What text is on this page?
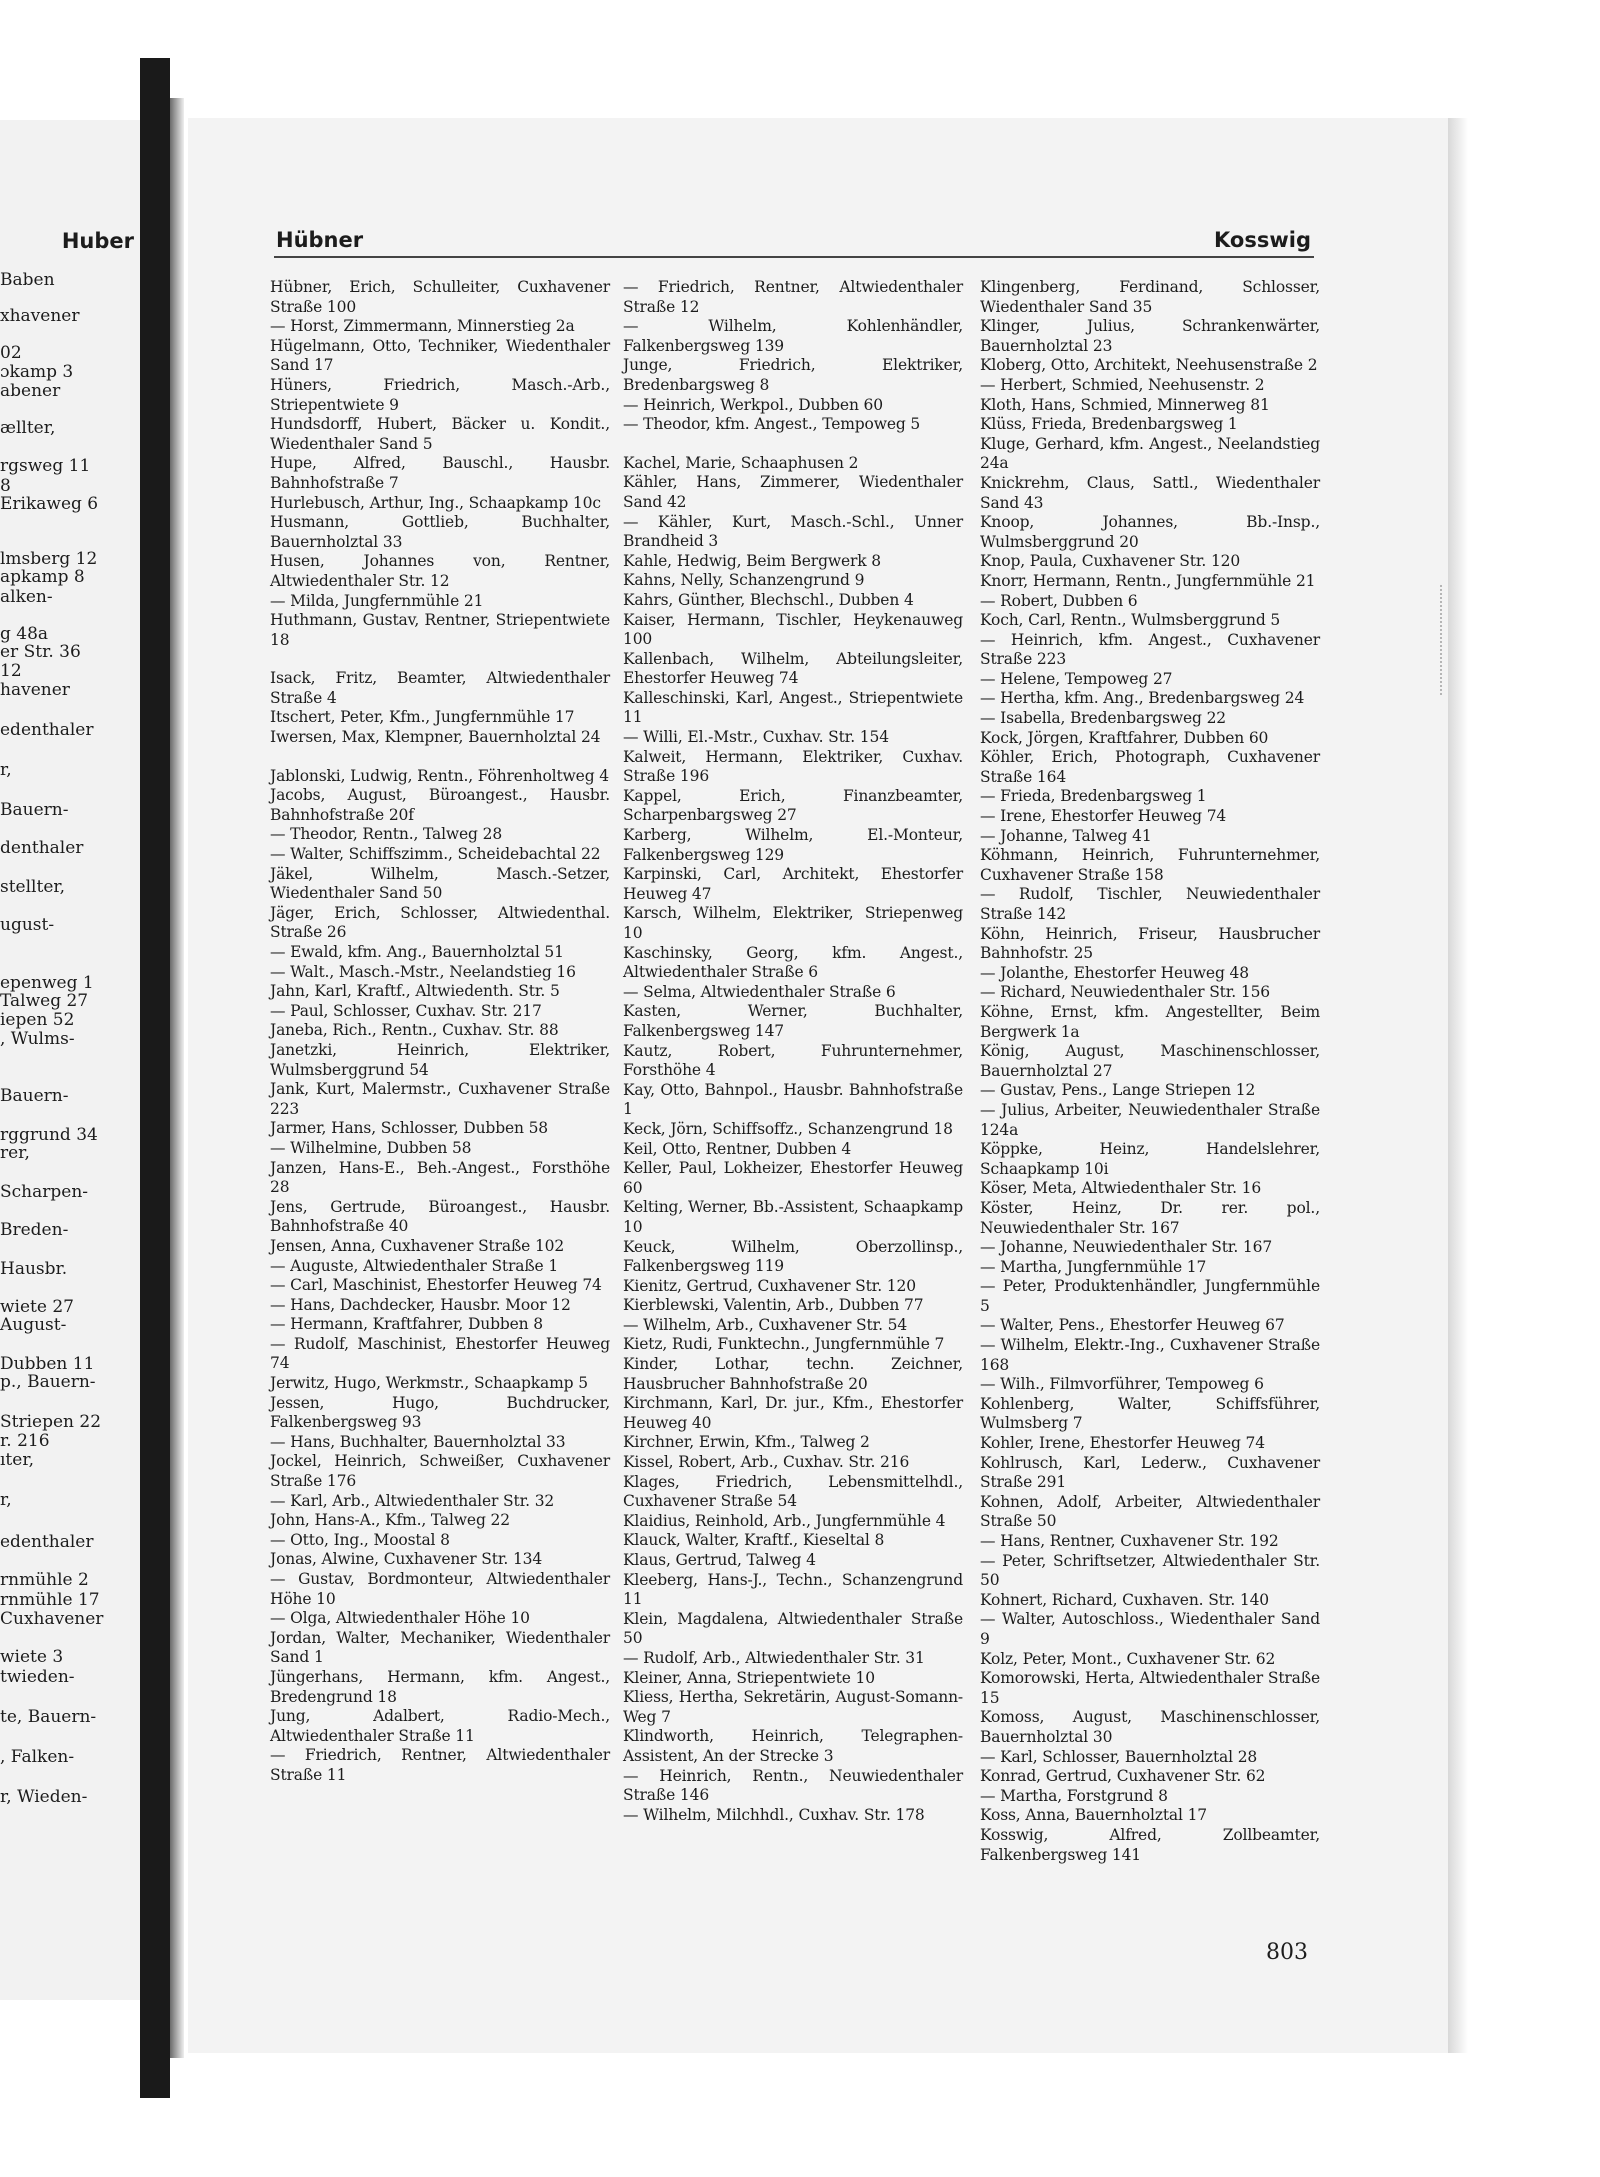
Huber
Baben
xhavener
02
ɔkamp 3
abener
ællter,
rgsweg 11
8
Erikaweg 6
lmsberg 12
apkamp 8
alken-
g 48a
er Str. 36
12
havener
edenthaler
r,
Bauern-
denthaler
stellter,
ugust-
epenweg 1
Talweg 27
iepen 52
, Wulms-
Bauern-
rggrund 34
rer,
Scharpen-
Breden-
Hausbr.
wiete 27
August-
Dubben 11
p., Bauern-
Striepen 22
r. 216
ıter,
r,
edenthaler
rnmühle 2
rnmühle 17
Cuxhavener
wiete 3
twieden-
te, Bauern-
, Falken-
r, Wieden-
Hübner	Kosswig
Hübner, Erich, Schulleiter, Cuxhavener Straße 100
— Horst, Zimmermann, Minnerstieg 2a
Hügelmann, Otto, Techniker, Wiedenthaler Sand 17
Hüners, Friedrich, Masch.-Arb., Striepentwiete 9
Hundsdorff, Hubert, Bäcker u. Kondit., Wiedenthaler Sand 5
Hupe, Alfred, Bauschl., Hausbr. Bahnhofstraße 7
Hurlebusch, Arthur, Ing., Schaapkamp 10c
Husmann, Gottlieb, Buchhalter, Bauernholztal 33
Husen, Johannes von, Rentner, Altwiedenthaler Str. 12
— Milda, Jungfernmühle 21
Huthmann, Gustav, Rentner, Striepentwiete 18
Isack, Fritz, Beamter, Altwiedenthaler Straße 4
Itschert, Peter, Kfm., Jungfernmühle 17
Iwersen, Max, Klempner, Bauernholztal 24
Jablonski, Ludwig, Rentn., Föhrenholtweg 4
Jacobs, August, Büroangest., Hausbr. Bahnhofstraße 20f
— Theodor, Rentn., Talweg 28
— Walter, Schiffszimm., Scheidebachtal 22
Jäkel, Wilhelm, Masch.-Setzer, Wiedenthaler Sand 50
Jäger, Erich, Schlosser, Altwiedenthal. Straße 26
— Ewald, kfm. Ang., Bauernholztal 51
— Walt., Masch.-Mstr., Neelandstieg 16
Jahn, Karl, Kraftf., Altwiedenth. Str. 5
— Paul, Schlosser, Cuxhav. Str. 217
Janeba, Rich., Rentn., Cuxhav. Str. 88
Janetzki, Heinrich, Elektriker, Wulmsberggrund 54
Jank, Kurt, Malermstr., Cuxhavener Straße 223
Jarmer, Hans, Schlosser, Dubben 58
— Wilhelmine, Dubben 58
Janzen, Hans-E., Beh.-Angest., Forsthöhe 28
Jens, Gertrude, Büroangest., Hausbr. Bahnhofstraße 40
Jensen, Anna, Cuxhavener Straße 102
— Auguste, Altwiedenthaler Straße 1
— Carl, Maschinist, Ehestorfer Heuweg 74
— Hans, Dachdecker, Hausbr. Moor 12
— Hermann, Kraftfahrer, Dubben 8
— Rudolf, Maschinist, Ehestorfer Heuweg 74
Jerwitz, Hugo, Werkmstr., Schaapkamp 5
Jessen, Hugo, Buchdrucker, Falkenbergsweg 93
— Hans, Buchhalter, Bauernholztal 33
Jockel, Heinrich, Schweißer, Cuxhavener Straße 176
— Karl, Arb., Altwiedenthaler Str. 32
John, Hans-A., Kfm., Talweg 22
— Otto, Ing., Moostal 8
Jonas, Alwine, Cuxhavener Str. 134
— Gustav, Bordmonteur, Altwiedenthaler Höhe 10
— Olga, Altwiedenthaler Höhe 10
Jordan, Walter, Mechaniker, Wiedenthaler Sand 1
Jüngerhans, Hermann, kfm. Angest., Bredengrund 18
Jung, Adalbert, Radio-Mech., Altwiedenthaler Straße 11
— Friedrich, Rentner, Altwiedenthaler Straße 11
— Friedrich, Rentner, Altwiedenthaler Straße 12
— Wilhelm, Kohlenhändler, Falkenbergsweg 139
Junge, Friedrich, Elektriker, Bredenbargsweg 8
— Heinrich, Werkpol., Dubben 60
— Theodor, kfm. Angest., Tempoweg 5
Kachel, Marie, Schaaphusen 2
Kähler, Hans, Zimmerer, Wiedenthaler Sand 42
— Kähler, Kurt, Masch.-Schl., Unner Brandheid 3
Kahle, Hedwig, Beim Bergwerk 8
Kahns, Nelly, Schanzengrund 9
Kahrs, Günther, Blechschl., Dubben 4
Kaiser, Hermann, Tischler, Heykenauweg 100
Kallenbach, Wilhelm, Abteilungsleiter, Ehestorfer Heuweg 74
Kalleschinski, Karl, Angest., Striepentwiete 11
— Willi, El.-Mstr., Cuxhav. Str. 154
Kalweit, Hermann, Elektriker, Cuxhav. Straße 196
Kappel, Erich, Finanzbeamter, Scharpenbargsweg 27
Karberg, Wilhelm, El.-Monteur, Falkenbergsweg 129
Karpinski, Carl, Architekt, Ehestorfer Heuweg 47
Karsch, Wilhelm, Elektriker, Striepenweg 10
Kaschinsky, Georg, kfm. Angest., Altwiedenthaler Straße 6
— Selma, Altwiedenthaler Straße 6
Kasten, Werner, Buchhalter, Falkenbergsweg 147
Kautz, Robert, Fuhrunternehmer, Forsthöhe 4
Kay, Otto, Bahnpol., Hausbr. Bahnhofstraße 1
Keck, Jörn, Schiffsoffz., Schanzengrund 18
Keil, Otto, Rentner, Dubben 4
Keller, Paul, Lokheizer, Ehestorfer Heuweg 60
Kelting, Werner, Bb.-Assistent, Schaapkamp 10
Keuck, Wilhelm, Oberzollinsp., Falkenbergsweg 119
Kienitz, Gertrud, Cuxhavener Str. 120
Kierblewski, Valentin, Arb., Dubben 77
— Wilhelm, Arb., Cuxhavener Str. 54
Kietz, Rudi, Funktechn., Jungfernmühle 7
Kinder, Lothar, techn. Zeichner, Hausbrucher Bahnhofstraße 20
Kirchmann, Karl, Dr. jur., Kfm., Ehestorfer Heuweg 40
Kirchner, Erwin, Kfm., Talweg 2
Kissel, Robert, Arb., Cuxhav. Str. 216
Klages, Friedrich, Lebensmittelhdl., Cuxhavener Straße 54
Klaidius, Reinhold, Arb., Jungfernmühle 4
Klauck, Walter, Kraftf., Kieseltal 8
Klaus, Gertrud, Talweg 4
Kleeberg, Hans-J., Techn., Schanzengrund 11
Klein, Magdalena, Altwiedenthaler Straße 50
— Rudolf, Arb., Altwiedenthaler Str. 31
Kleiner, Anna, Striepentwiete 10
Kliess, Hertha, Sekretärin, August-Somann-Weg 7
Klindworth, Heinrich, Telegraphen-Assistent, An der Strecke 3
— Heinrich, Rentn., Neuwiedenthaler Straße 146
— Wilhelm, Milchhdl., Cuxhav. Str. 178
Klingenberg, Ferdinand, Schlosser, Wiedenthaler Sand 35
Klinger, Julius, Schrankenwärter, Bauernholztal 23
Kloberg, Otto, Architekt, Neehusenstraße 2
— Herbert, Schmied, Neehusenstr. 2
Kloth, Hans, Schmied, Minnerweg 81
Klüss, Frieda, Bredenbargsweg 1
Kluge, Gerhard, kfm. Angest., Neelandstieg 24a
Knickrehm, Claus, Sattl., Wiedenthaler Sand 43
Knoop, Johannes, Bb.-Insp., Wulmsberggrund 20
Knop, Paula, Cuxhavener Str. 120
Knorr, Hermann, Rentn., Jungfernmühle 21
— Robert, Dubben 6
Koch, Carl, Rentn., Wulmsberggrund 5
— Heinrich, kfm. Angest., Cuxhavener Straße 223
— Helene, Tempoweg 27
— Hertha, kfm. Ang., Bredenbargsweg 24
— Isabella, Bredenbargsweg 22
Kock, Jörgen, Kraftfahrer, Dubben 60
Köhler, Erich, Photograph, Cuxhavener Straße 164
— Frieda, Bredenbargsweg 1
— Irene, Ehestorfer Heuweg 74
— Johanne, Talweg 41
Köhmann, Heinrich, Fuhrunternehmer, Cuxhavener Straße 158
— Rudolf, Tischler, Neuwiedenthaler Straße 142
Köhn, Heinrich, Friseur, Hausbrucher Bahnhofstr. 25
— Jolanthe, Ehestorfer Heuweg 48
— Richard, Neuwiedenthaler Str. 156
Köhne, Ernst, kfm. Angestellter, Beim Bergwerk 1a
König, August, Maschinenschlosser, Bauernholztal 27
— Gustav, Pens., Lange Striepen 12
— Julius, Arbeiter, Neuwiedenthaler Straße 124a
Köppke, Heinz, Handelslehrer, Schaapkamp 10i
Köser, Meta, Altwiedenthaler Str. 16
Köster, Heinz, Dr. rer. pol., Neuwiedenthaler Str. 167
— Johanne, Neuwiedenthaler Str. 167
— Martha, Jungfernmühle 17
— Peter, Produktenhändler, Jungfernmühle 5
— Walter, Pens., Ehestorfer Heuweg 67
— Wilhelm, Elektr.-Ing., Cuxhavener Straße 168
— Wilh., Filmvorführer, Tempoweg 6
Kohlenberg, Walter, Schiffsführer, Wulmsberg 7
Kohler, Irene, Ehestorfer Heuweg 74
Kohlrusch, Karl, Lederw., Cuxhavener Straße 291
Kohnen, Adolf, Arbeiter, Altwiedenthaler Straße 50
— Hans, Rentner, Cuxhavener Str. 192
— Peter, Schriftsetzer, Altwiedenthaler Str. 50
Kohnert, Richard, Cuxhaven. Str. 140
— Walter, Autoschloss., Wiedenthaler Sand 9
Kolz, Peter, Mont., Cuxhavener Str. 62
Komorowski, Herta, Altwiedenthaler Straße 15
Komoss, August, Maschinenschlosser, Bauernholztal 30
— Karl, Schlosser, Bauernholztal 28
Konrad, Gertrud, Cuxhavener Str. 62
— Martha, Forstgrund 8
Koss, Anna, Bauernholztal 17
Kosswig, Alfred, Zollbeamter, Falkenbergsweg 141
803
